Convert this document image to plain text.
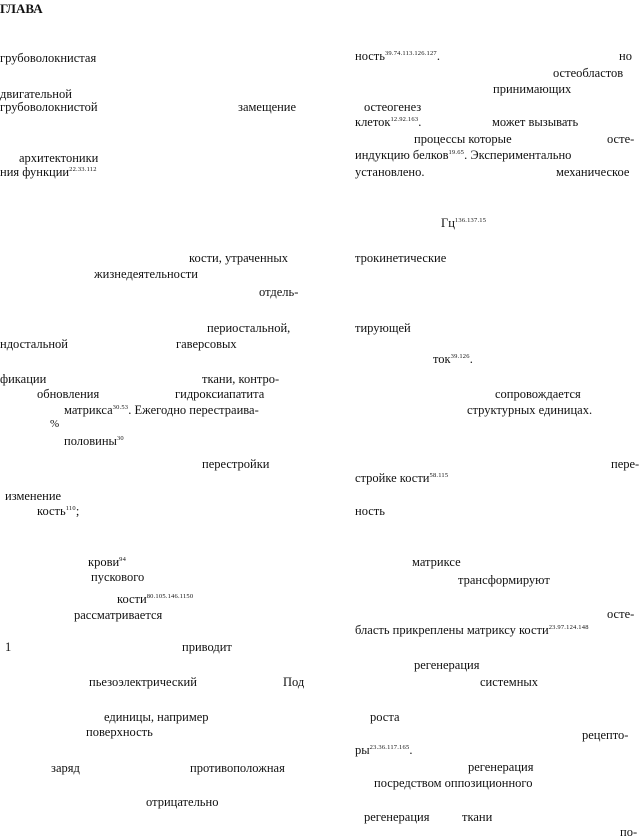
ГЛАВА
грубоволокнистая
двигательной
грубоволокнистой	замещение
архитектоники
ния функции$^{22.33.112}$
кости, утраченных
жизнедеятельности
отдель-
периостальной,
ндостальной	гаверсовых
фикации	ткани, контро-
обновления	гидроксиапатита
матрикса$^{30.53}$. Ежегодно перестраива-
%
половины$^{30}$
перестройки
изменение
кость$^{110}$;
крови$^{94}$
пускового
кости$^{80.105.146.1150}$
рассматривается
1	приводит
пьезоэлектрический	Под
единицы, например
поверхность
заряд	противоположная
отрицательно
ность$^{39.74.113.126.127}$.	но
остеобластов
принимающих
остеогенез
клеток$^{12.92.163}$.	может вызывать
процессы которые	осте-
индукцию белков$^{19.65}$. Экспериментально
установлено.	механическое
$Гц^{136.137.15}$
трокинетические
тирующей
ток$^{39.126}$.
сопровождается
структурных единицах.
пере-
стройке кости$^{58.115}$
ность
матриксе
трансформируют
осте-
бласть прикреплены матриксу кости$^{23.97.124.148}$
регенерация
системных
роста
рецепто-
$ры^{23.36.117.165}$.
регенерация
посредством оппозиционного
регенерация	ткани
по-
